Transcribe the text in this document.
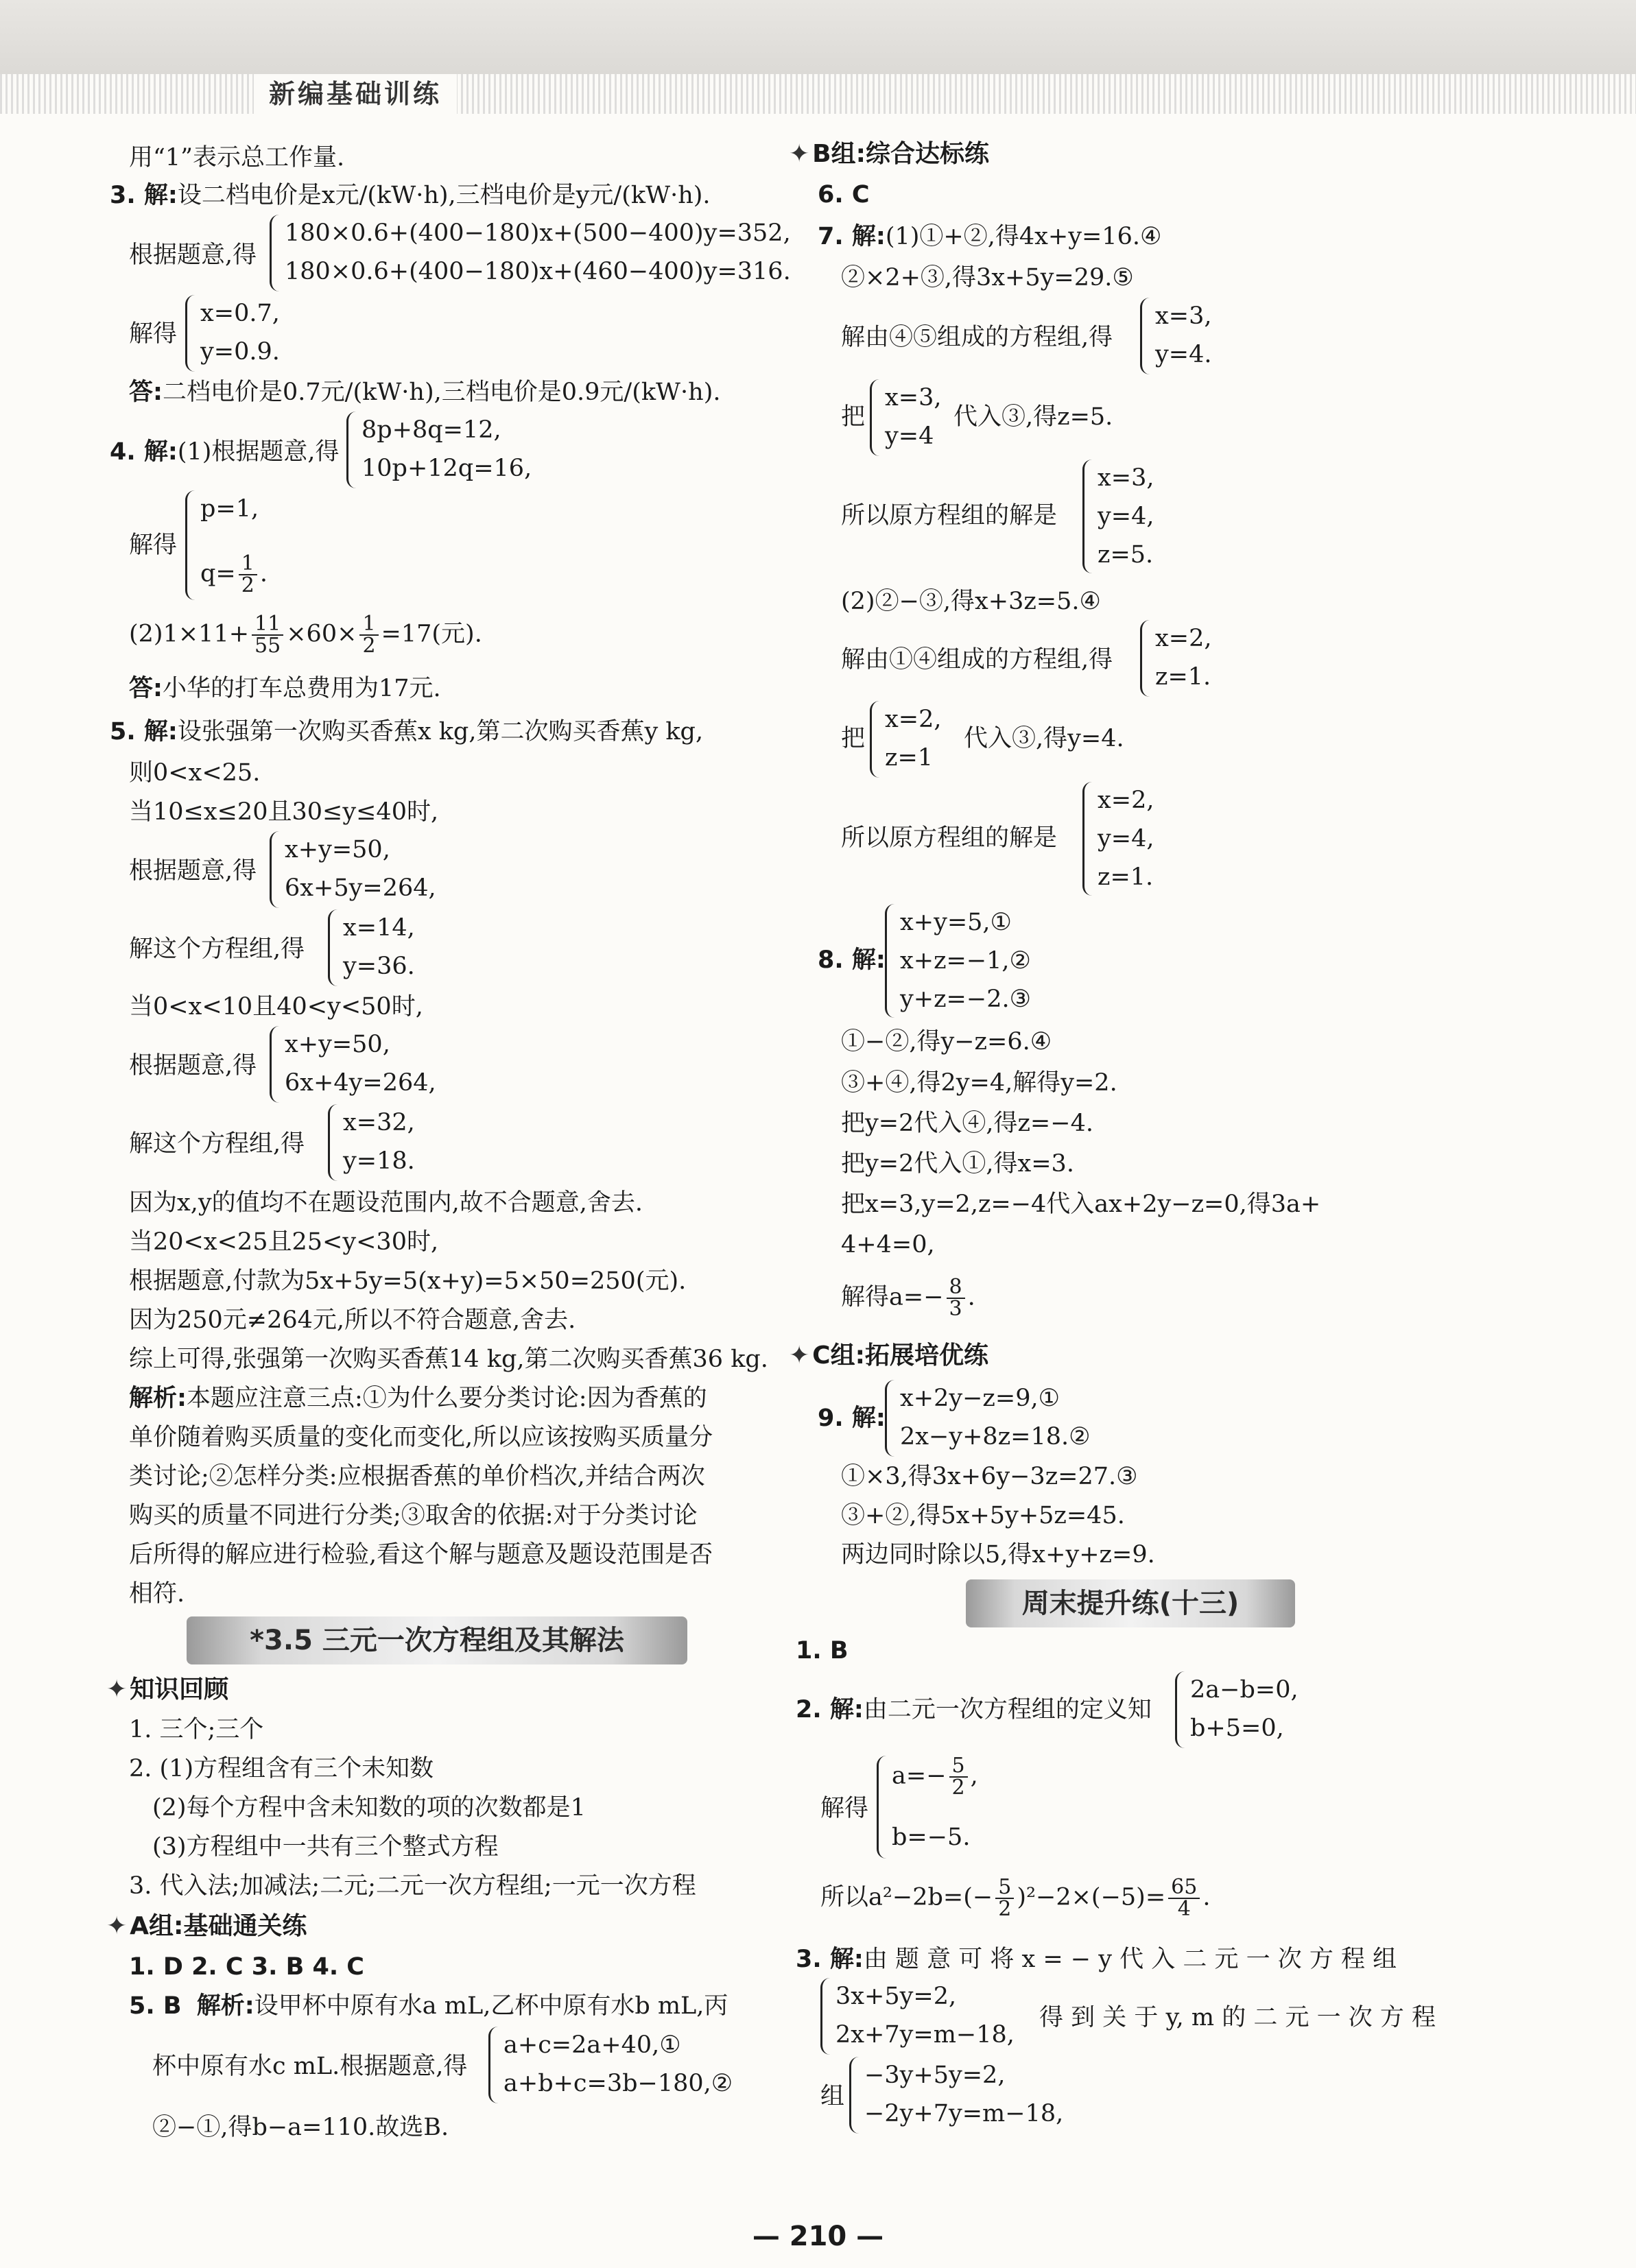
新编基础训练
用“1”表示总工作量.
3. 解:设二档电价是x元/(kW·h),三档电价是y元/(kW·h).
根据题意,得
180×0.6+(400−180)x+(500−400)y=352,
180×0.6+(400−180)x+(460−400)y=316.
解得
x=0.7,
y=0.9.
答:二档电价是0.7元/(kW·h),三档电价是0.9元/(kW·h).
4. 解:(1)根据题意,得
8p+8q=12,
10p+12q=16,
解得
p=1,
$q= \frac{1}{2}$ .
$(2)1\times 11+ \frac{11}{55} \times 60\times \frac{1}{2} =17$(元).
答:小华的打车总费用为17元.
5. 解:设张强第一次购买香蕉x kg,第二次购买香蕉y kg,
则0<x<25.
当10≤x≤20且30≤y≤40时,
根据题意,得
x+y=50,
6x+5y=264,
解这个方程组,得
x=14,
y=36.
当0<x<10且40<y<50时,
根据题意,得
x+y=50,
6x+4y=264,
解这个方程组,得
x=32,
y=18.
因为x,y的值均不在题设范围内,故不合题意,舍去.
当20<x<25且25<y<30时,
根据题意,付款为5x+5y=5(x+y)=5×50=250(元).
因为250元≠264元,所以不符合题意,舍去.
综上可得,张强第一次购买香蕉14 kg,第二次购买香蕉36 kg.
解析:本题应注意三点:①为什么要分类讨论:因为香蕉的
单价随着购买质量的变化而变化,所以应该按购买质量分
类讨论;②怎样分类:应根据香蕉的单价档次,并结合两次
购买的质量不同进行分类;③取舍的依据:对于分类讨论
后所得的解应进行检验,看这个解与题意及题设范围是否
相符.
*3.5 三元一次方程组及其解法
✦ 知识回顾
1. 三个;三个
2. (1)方程组含有三个未知数
(2)每个方程中含未知数的项的次数都是1
(3)方程组中一共有三个整式方程
3. 代入法;加减法;二元;二元一次方程组;一元一次方程
✦ A组:基础通关练
1. D 2. C 3. B 4. C
5. B 解析:设甲杯中原有水a mL,乙杯中原有水b mL,丙
杯中原有水c mL.根据题意,得
a+c=2a+40,①
a+b+c=3b−180,②
②−①,得b−a=110.故选B.
✦ B组:综合达标练
6. C
7. 解:(1)①+②,得4x+y=16.④
②×2+③,得3x+5y=29.⑤
解由④⑤组成的方程组,得
x=3,
y=4.
把
x=3,
y=4
代入③,得z=5.
所以原方程组的解是
x=3,
y=4,
z=5.
(2)②−③,得x+3z=5.④
解由①④组成的方程组,得
x=2,
z=1.
把
x=2,
z=1
代入③,得y=4.
所以原方程组的解是
x=2,
y=4,
z=1.
8. 解:
x+y=5,①
x+z=−1,②
y+z=−2.③
①−②,得y−z=6.④
③+④,得2y=4,解得y=2.
把y=2代入④,得z=−4.
把y=2代入①,得x=3.
把x=3,y=2,z=−4代入ax+2y−z=0,得3a+
4+4=0,
解得$a=- \frac{8}{3}$ .
✦ C组:拓展培优练
9. 解:
x+2y−z=9,①
2x−y+8z=18.②
①×3,得3x+6y−3z=27.③
③+②,得5x+5y+5z=45.
两边同时除以5,得x+y+z=9.
周末提升练(十三)
1. B
2. 解:由二元一次方程组的定义知
2a−b=0,
b+5=0,
解得
$a=- \frac{5}{2}$ ,
b=−5.
所以$a^2-2b=(- \frac{5}{2} )^2-2\times(-5)= \frac{65}{4}$ .
3. 解:由 题 意 可 将 x = − y 代 入 二 元 一 次 方 程 组
3x+5y=2,
2x+7y=m−18,
得 到 关 于 y, m 的 二 元 一 次 方 程
组
−3y+5y=2,
−2y+7y=m−18,
— 210 —
